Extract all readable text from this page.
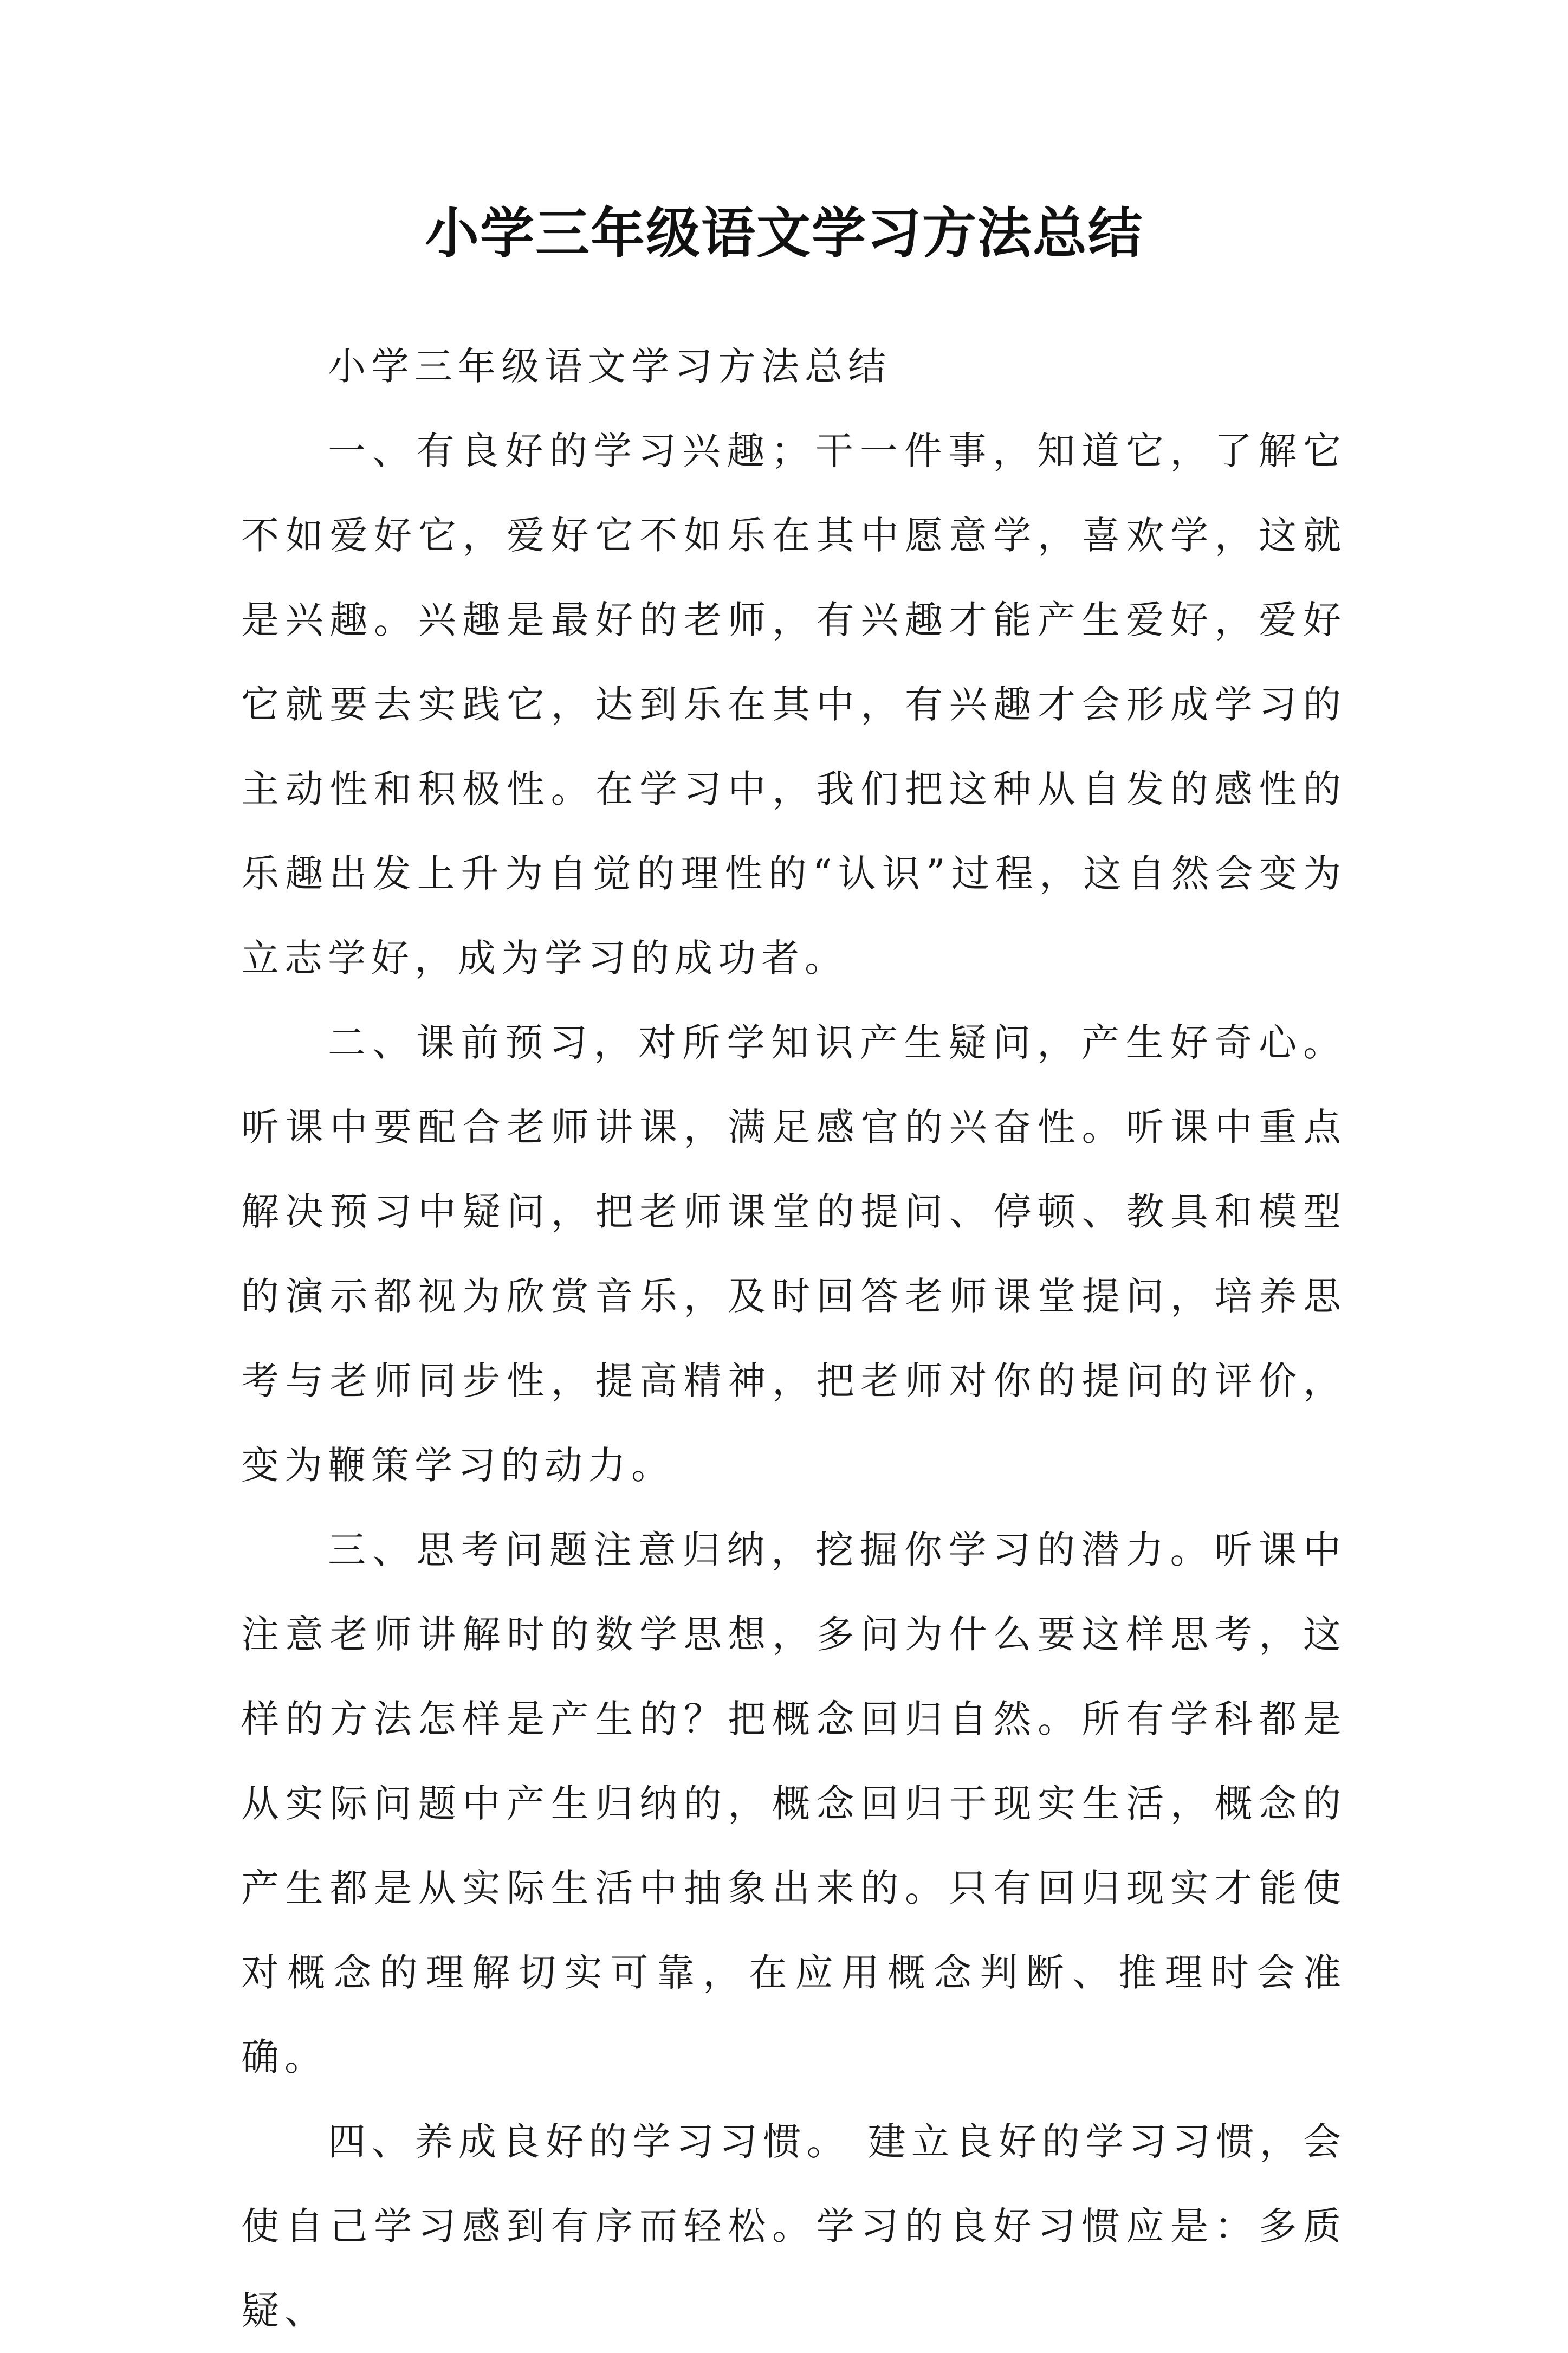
小学三年级语文学习方法总结

小学三年级语文学习方法总结

一、有良好的学习兴趣；干一件事，知道它，了解它不如爱好它，爱好它不如乐在其中愿意学，喜欢学，这就是兴趣。兴趣是最好的老师，有兴趣才能产生爱好，爱好它就要去实践它，达到乐在其中，有兴趣才会形成学习的主动性和积极性。在学习中，我们把这种从自发的感性的乐趣出发上升为自觉的理性的“认识”过程，这自然会变为立志学好，成为学习的成功者。

二、课前预习，对所学知识产生疑问，产生好奇心。听课中要配合老师讲课，满足感官的兴奋性。听课中重点解决预习中疑问，把老师课堂的提问、停顿、教具和模型的演示都视为欣赏音乐，及时回答老师课堂提问，培养思考与老师同步性，提高精神，把老师对你的提问的评价，变为鞭策学习的动力。

三、思考问题注意归纳，挖掘你学习的潜力。听课中注意老师讲解时的数学思想，多问为什么要这样思考，这样的方法怎样是产生的？把概念回归自然。所有学科都是从实际问题中产生归纳的，概念回归于现实生活，概念的产生都是从实际生活中抽象出来的。只有回归现实才能使对概念的理解切实可靠，在应用概念判断、推理时会准确。

四、养成良好的学习习惯。 建立良好的学习习惯，会使自己学习感到有序而轻松。学习的良好习惯应是：多质疑、
